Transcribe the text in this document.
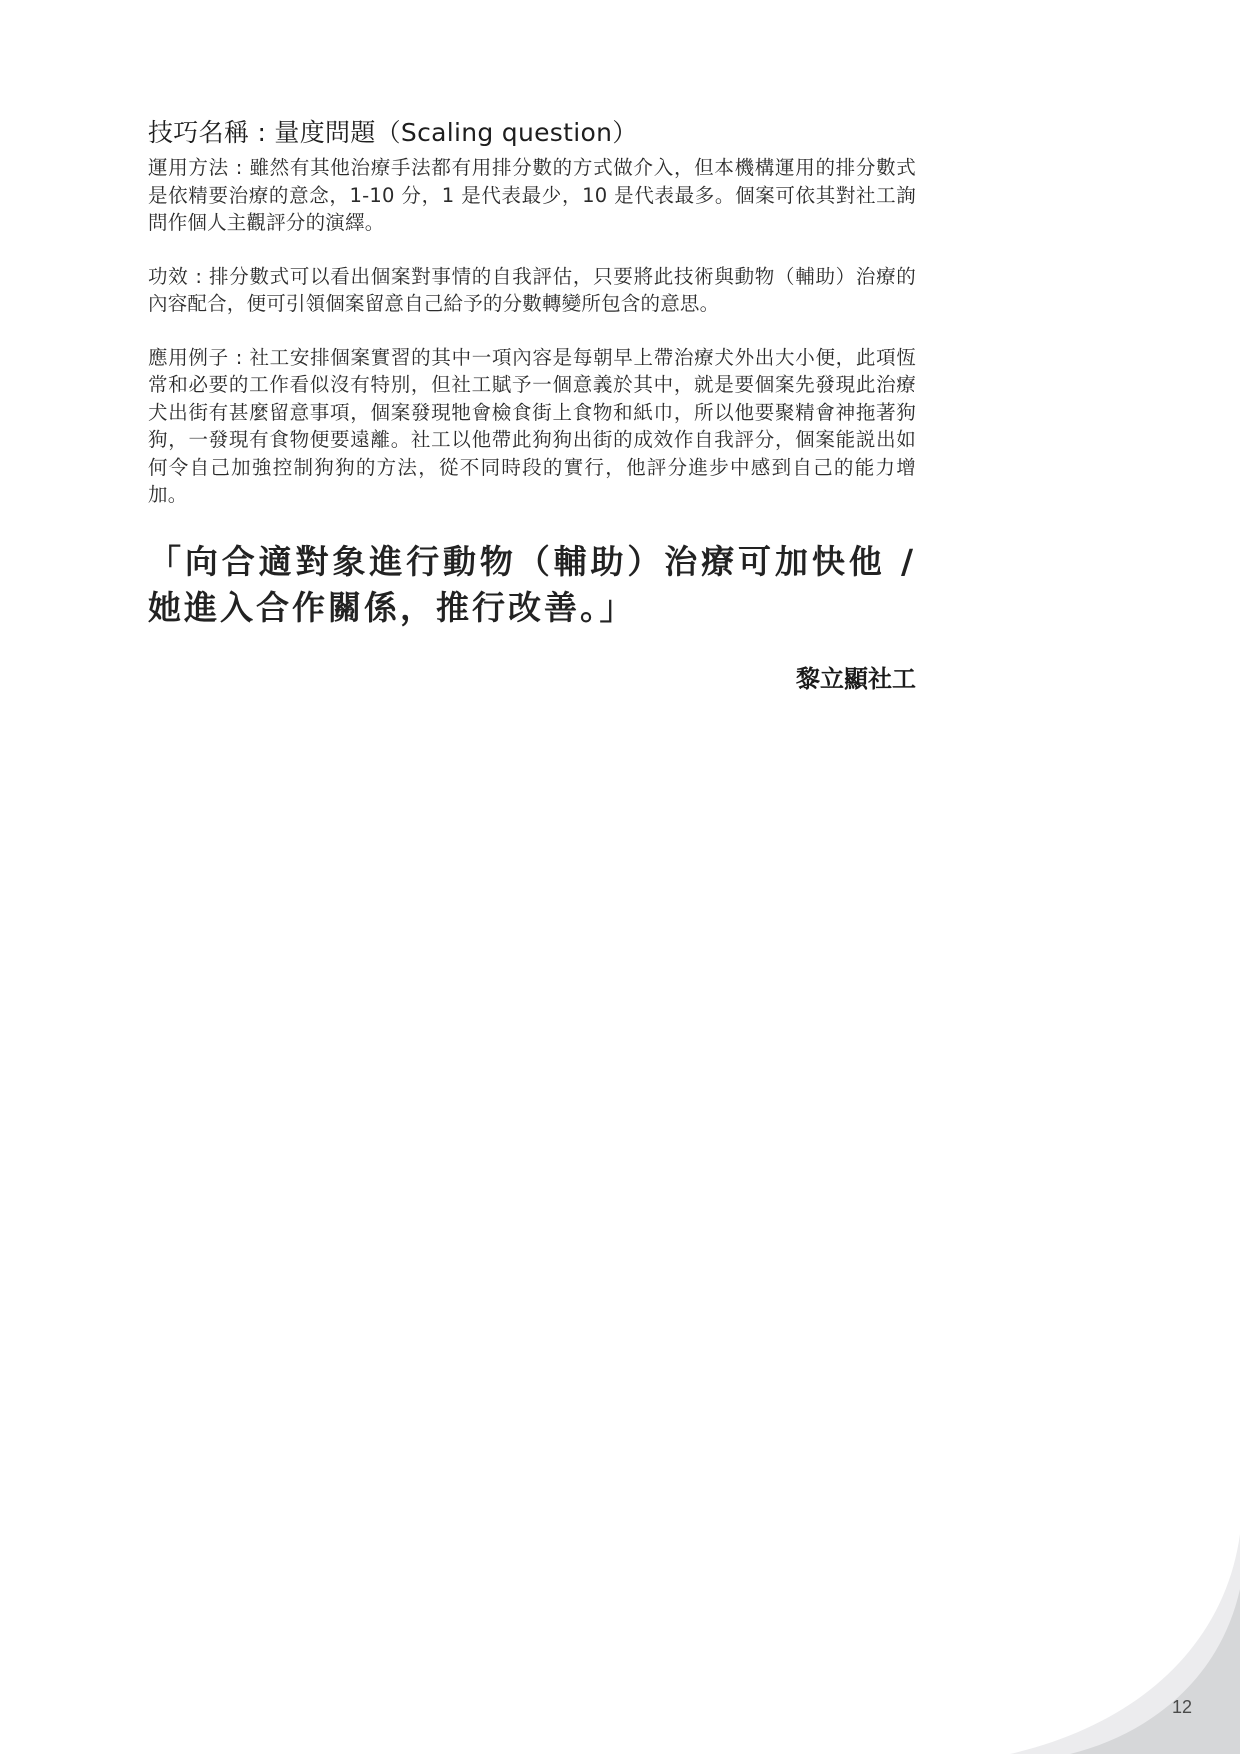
技巧名稱 : 量度問題（Scaling question）

運用方法 : 雖然有其他治療手法都有用排分數的方式做介入，但本機構運用的排分數式是依精要治療的意念，1-10 分，1 是代表最少，10 是代表最多。個案可依其對社工詢問作個人主觀評分的演繹。

功效 : 排分數式可以看出個案對事情的自我評估，只要將此技術與動物（輔助）治療的內容配合，便可引領個案留意自己給予的分數轉變所包含的意思。

應用例子 : 社工安排個案實習的其中一項內容是每朝早上帶治療犬外出大小便，此項恆常和必要的工作看似沒有特別，但社工賦予一個意義於其中，就是要個案先發現此治療犬出街有甚麼留意事項，個案發現牠會檢食街上食物和紙巾，所以他要聚精會神拖著狗狗，一發現有食物便要遠離。社工以他帶此狗狗出街的成效作自我評分，個案能説出如何令自己加強控制狗狗的方法，從不同時段的實行，他評分進步中感到自己的能力增加。

「向合適對象進行動物（輔助）治療可加快他 / 她進入合作關係，推行改善。」
黎立顯社工
12
